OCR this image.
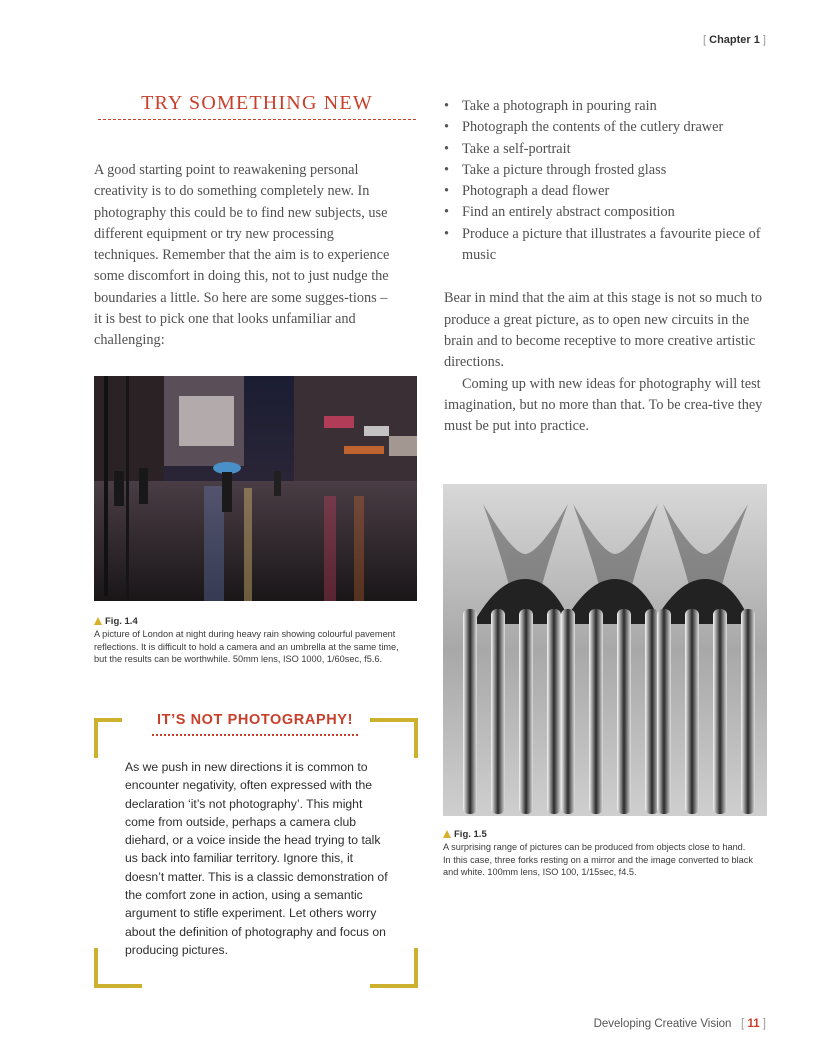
[ Chapter 1 ]
TRY SOMETHING NEW

A good starting point to reawakening personal creativity is to do something completely new. In photography this could be to find new subjects, use different equipment or try new processing techniques. Remember that the aim is to experience some discomfort in doing this, not to just nudge the boundaries a little. So here are some sugges-tions – it is best to pick one that looks unfamiliar and challenging:

Fig. 1.4
A picture of London at night during heavy rain showing colourful pavement reflections. It is difficult to hold a camera and an umbrella at the same time, but the results can be worthwhile. 50mm lens, ISO 1000, 1/60sec, f5.6.
IT’S NOT PHOTOGRAPHY!
As we push in new directions it is common to encounter negativity, often expressed with the declaration ‘it’s not photography’. This might come from outside, perhaps a camera club diehard, or a voice inside the head trying to talk us back into familiar territory. Ignore this, it doesn’t matter. This is a classic demonstration of the comfort zone in action, using a semantic argument to stifle experiment. Let others worry about the definition of photography and focus on producing pictures.
• Take a photograph in pouring rain
• Photograph the contents of the cutlery drawer
• Take a self-portrait
• Take a picture through frosted glass
• Photograph a dead flower
• Find an entirely abstract composition
• Produce a picture that illustrates a favourite piece of music

Bear in mind that the aim at this stage is not so much to produce a great picture, as to open new circuits in the brain and to become receptive to more creative artistic directions.

Coming up with new ideas for photography will test imagination, but no more than that. To be crea-tive they must be put into practice.

Fig. 1.5
A surprising range of pictures can be produced from objects close to hand. In this case, three forks resting on a mirror and the image converted to black and white. 100mm lens, ISO 100, 1/15sec, f4.5.
Developing Creative Vision   [ 11 ]
